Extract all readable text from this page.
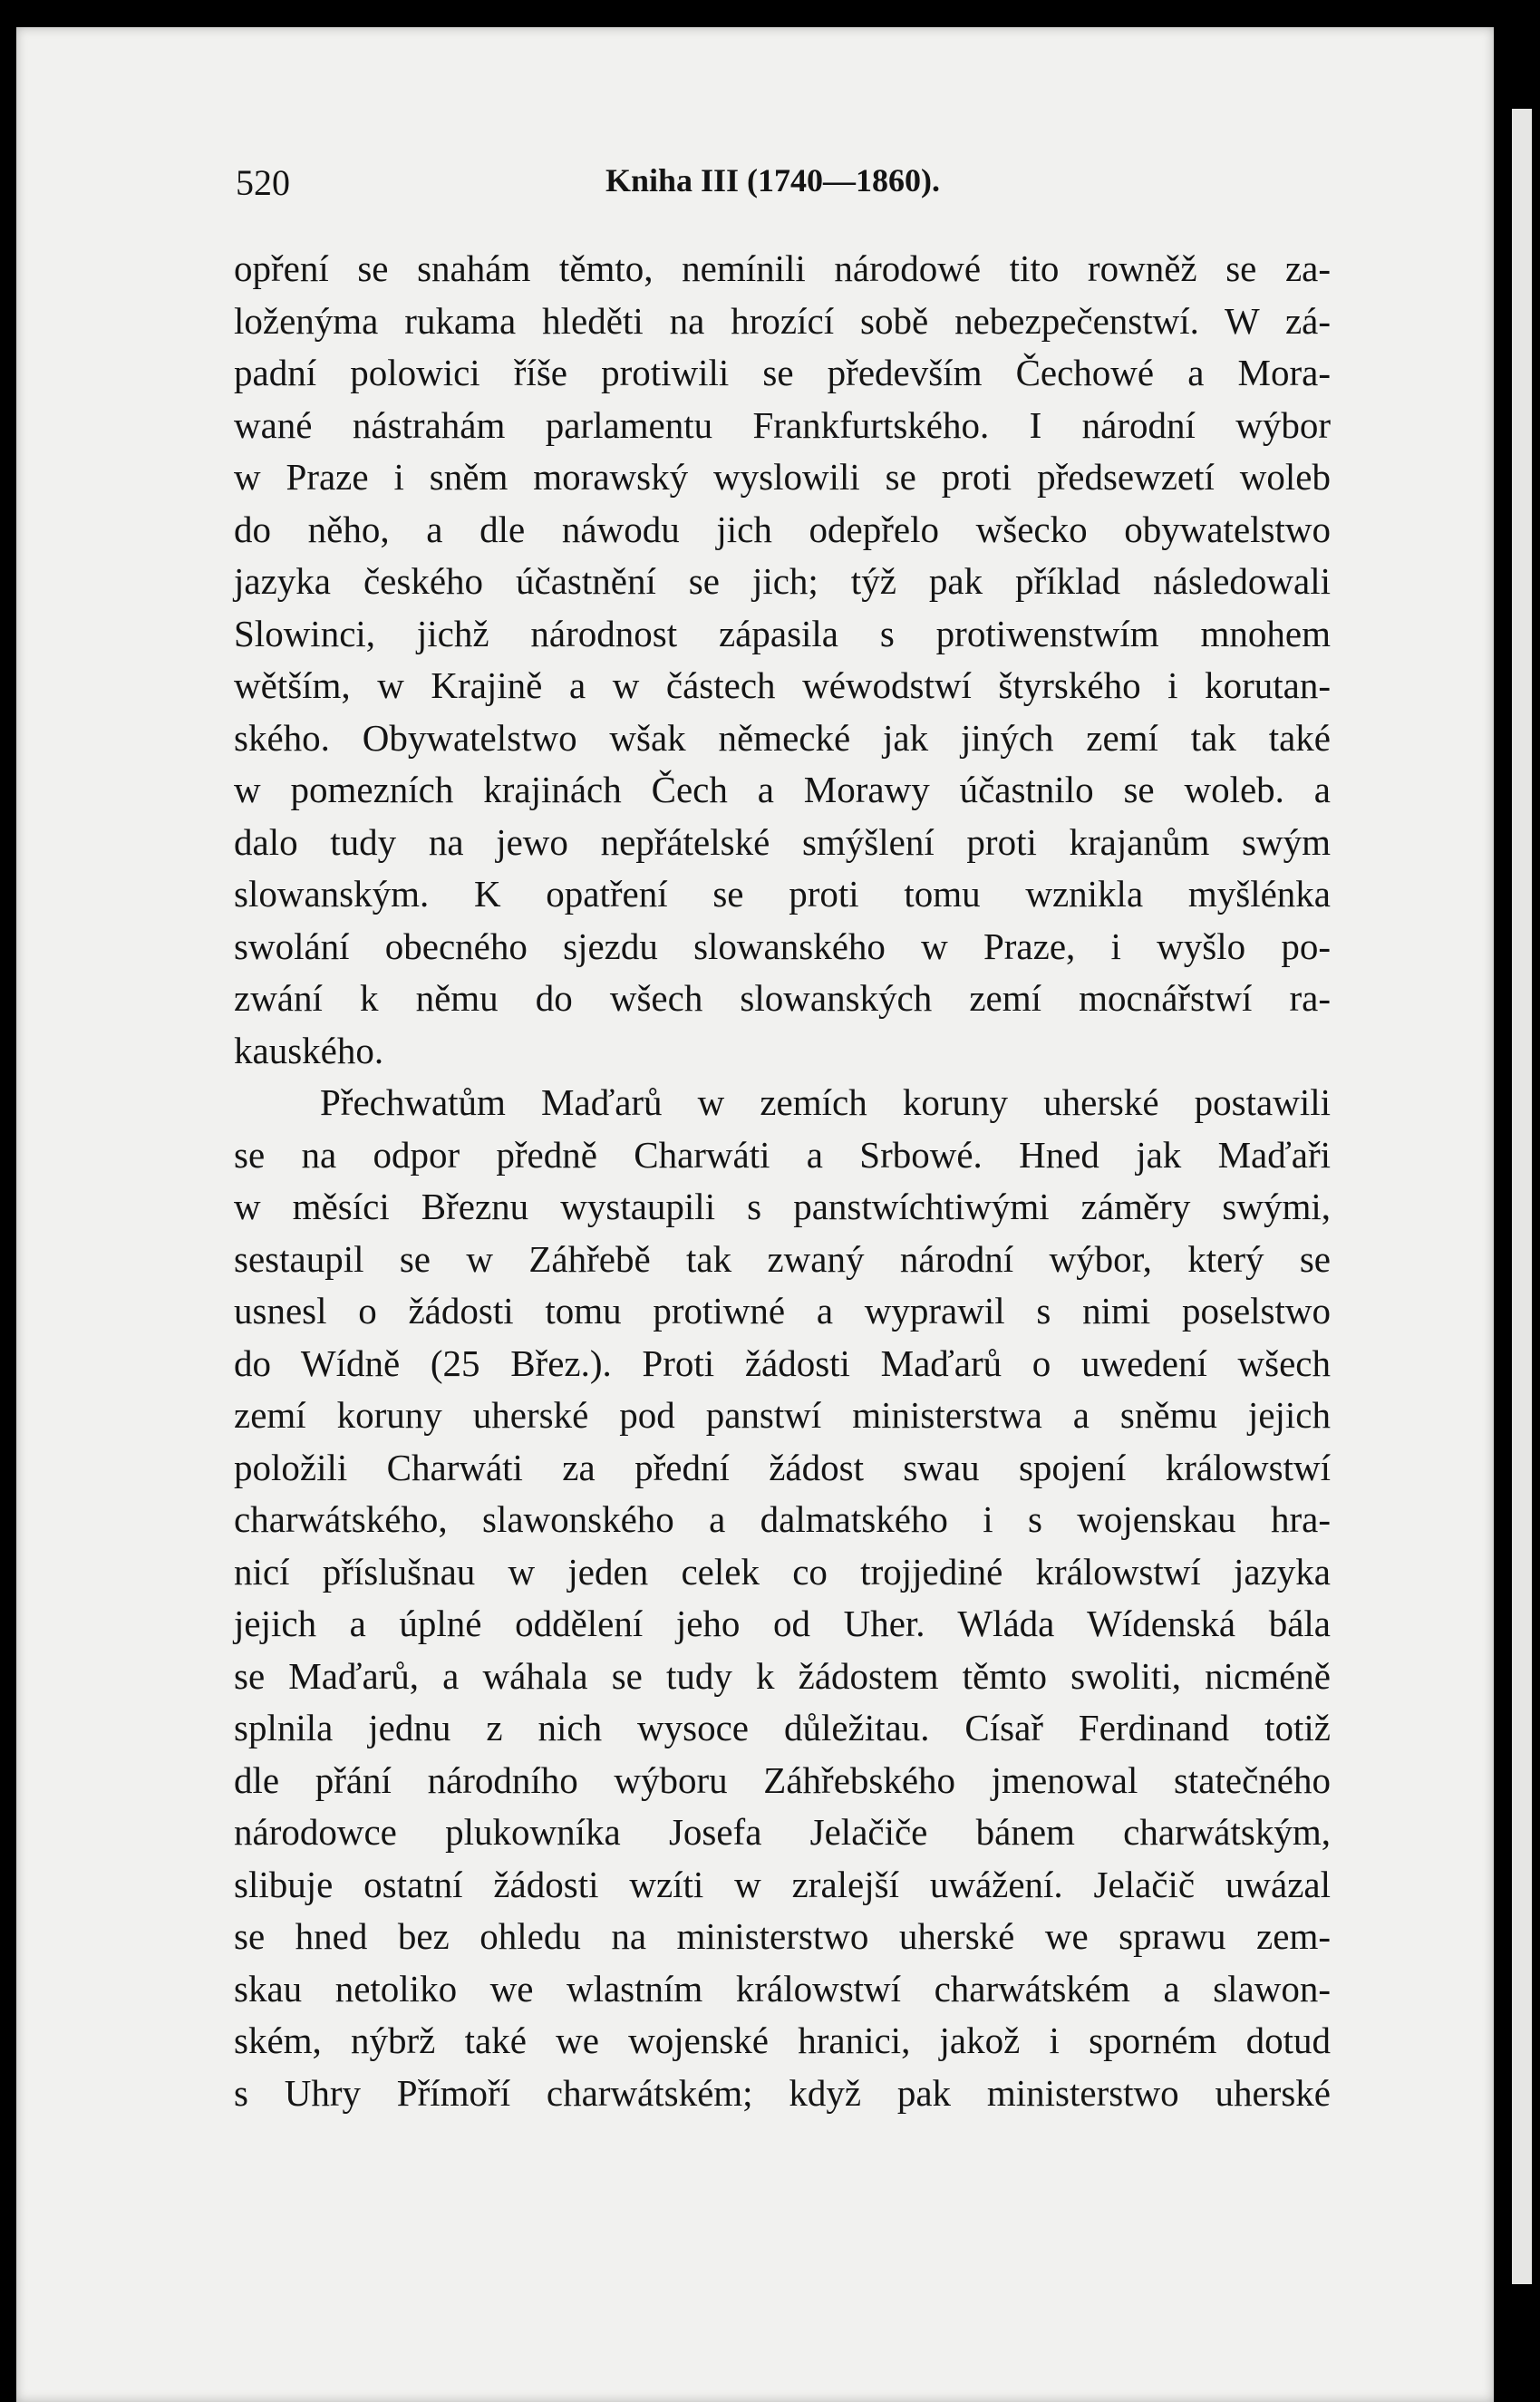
520	Kniha III (1740—1860).
opření se snahám těmto, nemínili národowé tito rowněž se za-
loženýma rukama hleděti na hrozící sobě nebezpečenstwí. W zá-
padní polowici říše protiwili se především Čechowé a Mora-
wané nástrahám parlamentu Frankfurtského. I národní wýbor
w Praze i sněm morawský wyslowili se proti předsewzetí woleb
do něho, a dle náwodu jich odepřelo wšecko obywatelstwo
jazyka českého účastnění se jich; týž pak příklad následowali
Slowinci, jichž národnost zápasila s protiwenstwím mnohem
wětším, w Krajině a w částech wéwodstwí štyrského i korutan-
ského. Obywatelstwo wšak německé jak jiných zemí tak také
w pomezních krajinách Čech a Morawy účastnilo se woleb. a
dalo tudy na jewo nepřátelské smýšlení proti krajanům swým
slowanským. K opatření se proti tomu wznikla myšlénka
swolání obecného sjezdu slowanského w Praze, i wyšlo po-
zwání k němu do wšech slowanských zemí mocnářstwí ra-
kauského.
Přechwatům Maďarů w zemích koruny uherské postawili
se na odpor předně Charwáti a Srbowé. Hned jak Maďaři
w měsíci Březnu wystaupili s panstwíchtiwými záměry swými,
sestaupil se w Záhřebě tak zwaný národní wýbor, který se
usnesl o žádosti tomu protiwné a wyprawil s nimi poselstwo
do Wídně (25 Břez.). Proti žádosti Maďarů o uwedení wšech
zemí koruny uherské pod panstwí ministerstwa a sněmu jejich
položili Charwáti za přední žádost swau spojení králowstwí
charwátského, slawonského a dalmatského i s wojenskau hra-
nicí příslušnau w jeden celek co trojjediné králowstwí jazyka
jejich a úplné oddělení jeho od Uher. Wláda Wídenská bála
se Maďarů, a wáhala se tudy k žádostem těmto swoliti, nicméně
splnila jednu z nich wysoce důležitau. Císař Ferdinand totiž
dle přání národního wýboru Záhřebského jmenowal statečného
národowce plukowníka Josefa Jelačiče bánem charwátským,
slibuje ostatní žádosti wzíti w zralejší uwážení. Jelačič uwázal
se hned bez ohledu na ministerstwo uherské we sprawu zem-
skau netoliko we wlastním králowstwí charwátském a slawon-
ském, nýbrž také we wojenské hranici, jakož i sporném dotud
s Uhry Přímoří charwátském; když pak ministerstwo uherské
